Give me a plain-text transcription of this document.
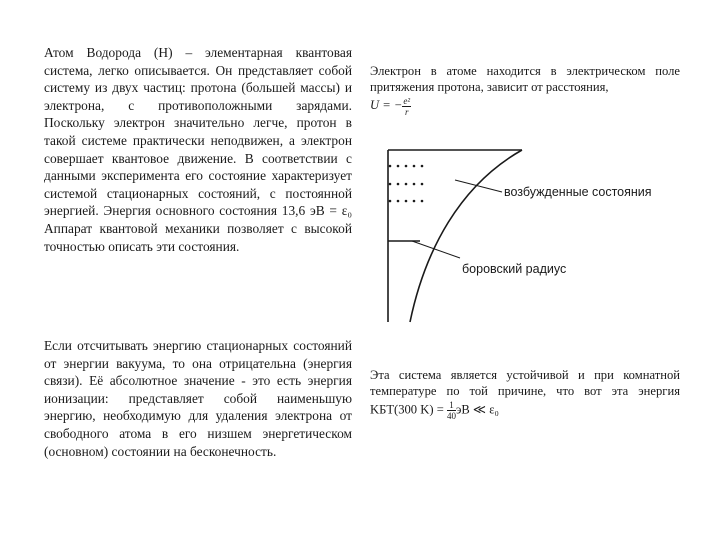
Атом Водорода (Н) – элементарная квантовая система, легко описывается. Он представляет собой систему из двух частиц: протона (большей массы) и электрона, с противоположными зарядами. Поскольку электрон значительно легче, протон в такой системе практически неподвижен, а электрон совершает квантовое движение. В соответствии с данными эксперимента его состояние характеризует системой стационарных состояний, с постоянной энергией. Энергия основного состояния 13,6 эВ = ε₀ Аппарат квантовой механики позволяет с высокой точностью описать эти состояния.
Если отсчитывать энергию стационарных состояний от энергии вакуума, то она отрицательна (энергия связи). Её абсолютное значение - это есть энергия ионизации: представляет собой наименьшую энергию, необходимую для удаления электрона от свободного атома в его низшем энергетическом (основном) состоянии на бесконечность.
Электрон в атоме находится в электрическом поле притяжения протона, зависит от расстояния,
U = − $\frac{\text{e²}}{r}$
возбужденные состояния
боровский радиус
Эта система является устойчивой и при комнатной температуре по той причине, что вот эта энергия KБT(300 $K) = \frac{1}{40}$ эВ ≪ ε₀
